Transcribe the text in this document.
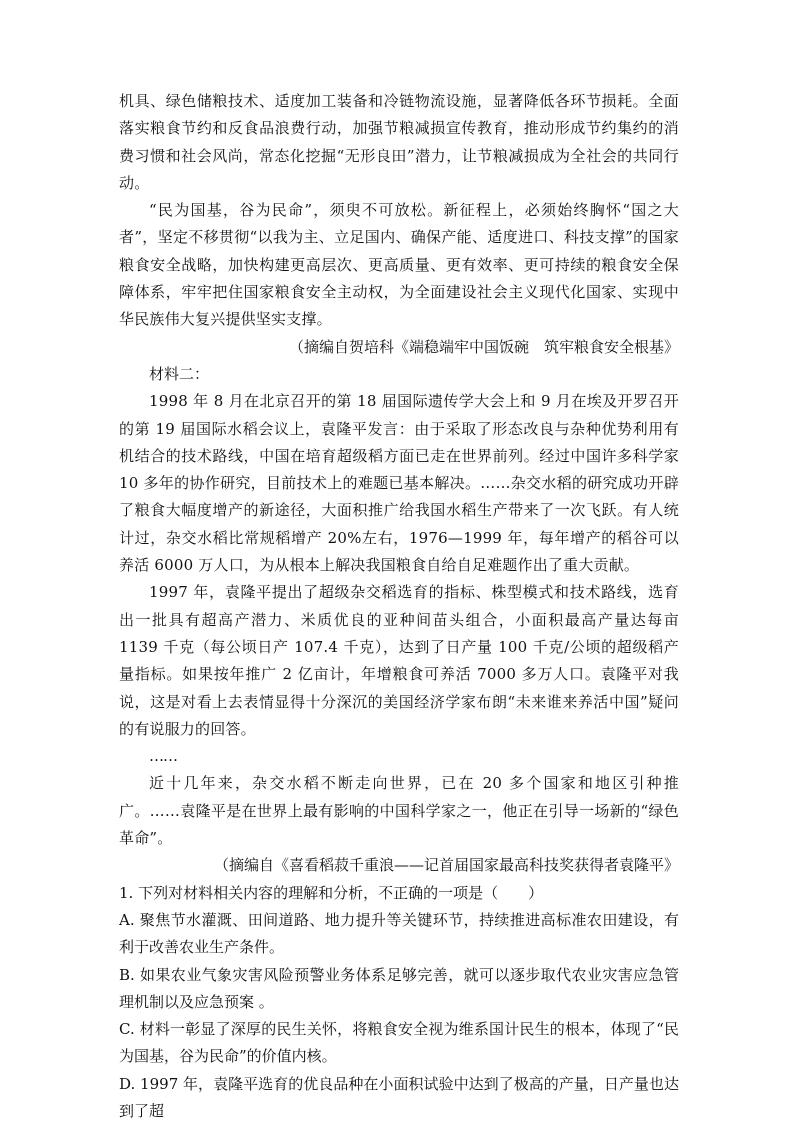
机具、绿色储粮技术、适度加工装备和冷链物流设施，显著降低各环节损耗。全面落实粮食节约和反食品浪费行动，加强节粮减损宣传教育，推动形成节约集约的消费习惯和社会风尚，常态化挖掘“无形良田”潜力，让节粮减损成为全社会的共同行动。

“民为国基，谷为民命”，须臾不可放松。新征程上，必须始终胸怀“国之大者”，坚定不移贯彻“以我为主、立足国内、确保产能、适度进口、科技支撑”的国家粮食安全战略，加快构建更高层次、更高质量、更有效率、更可持续的粮食安全保障体系，牢牢把住国家粮食安全主动权，为全面建设社会主义现代化国家、实现中华民族伟大复兴提供坚实支撑。

（摘编自贺培科《端稳端牢中国饭碗　筑牢粮食安全根基》

材料二：

1998 年 8 月在北京召开的第 18 届国际遗传学大会上和 9 月在埃及开罗召开的第 19 届国际水稻会议上，袁隆平发言：由于采取了形态改良与杂种优势利用有机结合的技术路线，中国在培育超级稻方面已走在世界前列。经过中国许多科学家 10 多年的协作研究，目前技术上的难题已基本解决。……杂交水稻的研究成功开辟了粮食大幅度增产的新途径，大面积推广给我国水稻生产带来了一次飞跃。有人统计过，杂交水稻比常规稻增产 20%左右，1976—1999 年，每年增产的稻谷可以养活 6000 万人口，为从根本上解决我国粮食自给自足难题作出了重大贡献。

1997 年，袁隆平提出了超级杂交稻选育的指标、株型模式和技术路线，选育出一批具有超高产潜力、米质优良的亚种间苗头组合，小面积最高产量达每亩 1139 千克（每公顷日产 107.4 千克），达到了日产量 100 千克/公顷的超级稻产量指标。如果按年推广 2 亿亩计，年增粮食可养活 7000 多万人口。袁隆平对我说，这是对看上去表情显得十分深沉的美国经济学家布朗“未来谁来养活中国”疑问的有说服力的回答。

……

近十几年来，杂交水稻不断走向世界，已在 20 多个国家和地区引种推广。……袁隆平是在世界上最有影响的中国科学家之一，他正在引导一场新的“绿色革命”。

（摘编自《喜看稻菽千重浪——记首届国家最高科技奖获得者袁隆平》

1. 下列对材料相关内容的理解和分析，不正确的一项是（　　）

A. 聚焦节水灌溉、田间道路、地力提升等关键环节，持续推进高标准农田建设，有利于改善农业生产条件。

B. 如果农业气象灾害风险预警业务体系足够完善，就可以逐步取代农业灾害应急管理机制以及应急预案 。

C. 材料一彰显了深厚的民生关怀，将粮食安全视为维系国计民生的根本，体现了“民为国基，谷为民命”的价值内核。

D. 1997 年，袁隆平选育的优良品种在小面积试验中达到了极高的产量，日产量也达到了超
